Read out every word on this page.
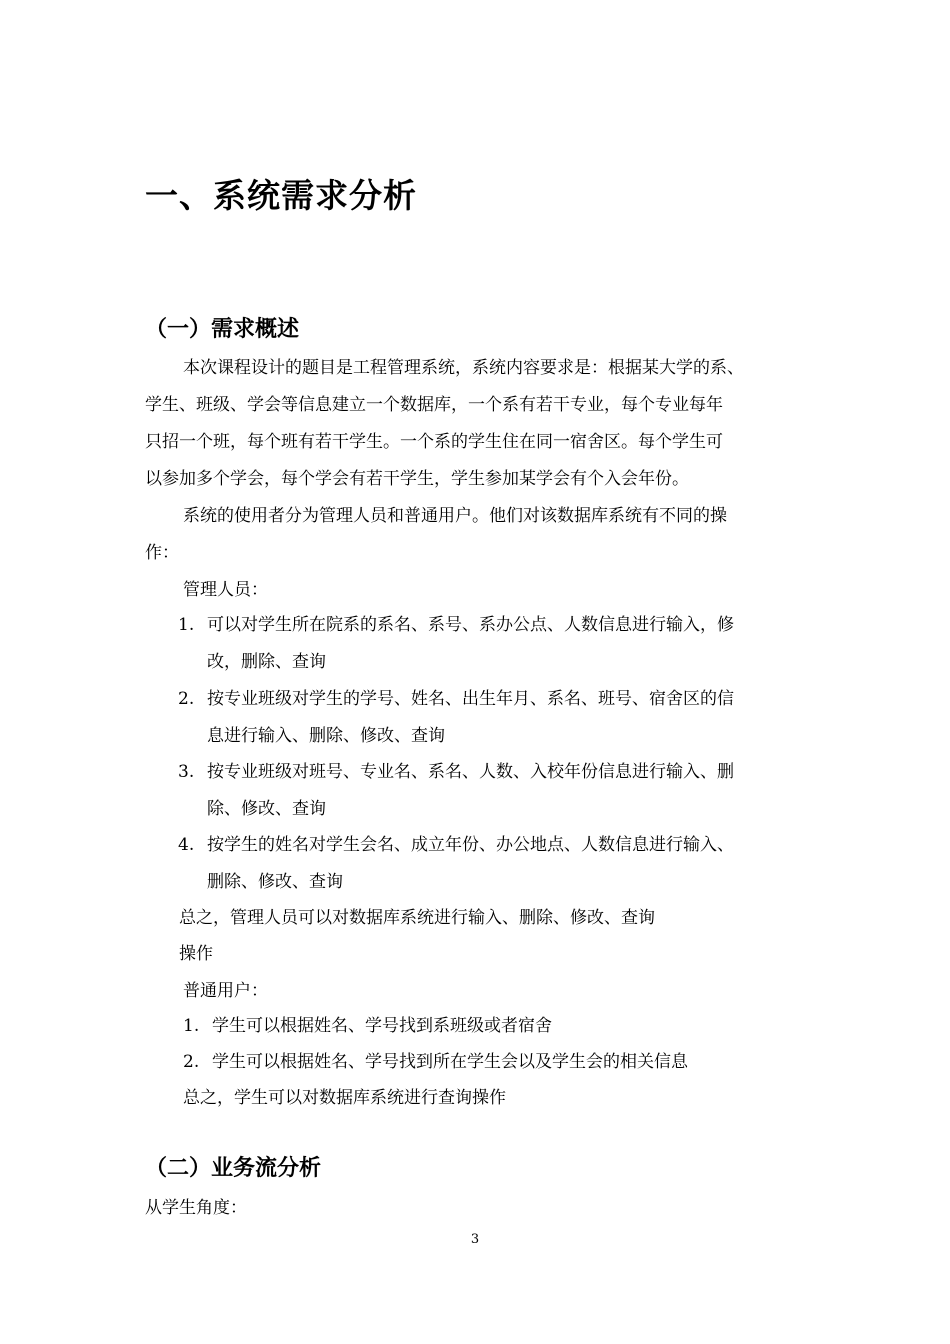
一、系统需求分析
（一）需求概述
本次课程设计的题目是工程管理系统，系统内容要求是：根据某大学的系、
学生、班级、学会等信息建立一个数据库，一个系有若干专业，每个专业每年
只招一个班，每个班有若干学生。一个系的学生住在同一宿舍区。每个学生可
以参加多个学会，每个学会有若干学生，学生参加某学会有个入会年份。
系统的使用者分为管理人员和普通用户。他们对该数据库系统有不同的操
作：
管理人员：
1. 可以对学生所在院系的系名、系号、系办公点、人数信息进行输入，修
改，删除、查询
2. 按专业班级对学生的学号、姓名、出生年月、系名、班号、宿舍区的信
息进行输入、删除、修改、查询
3. 按专业班级对班号、专业名、系名、人数、入校年份信息进行输入、删
除、修改、查询
4. 按学生的姓名对学生会名、成立年份、办公地点、人数信息进行输入、
删除、修改、查询
总之，管理人员可以对数据库系统进行输入、删除、修改、查询
操作
普通用户：
1. 学生可以根据姓名、学号找到系班级或者宿舍
2. 学生可以根据姓名、学号找到所在学生会以及学生会的相关信息
总之，学生可以对数据库系统进行查询操作
（二）业务流分析
从学生角度：
3
